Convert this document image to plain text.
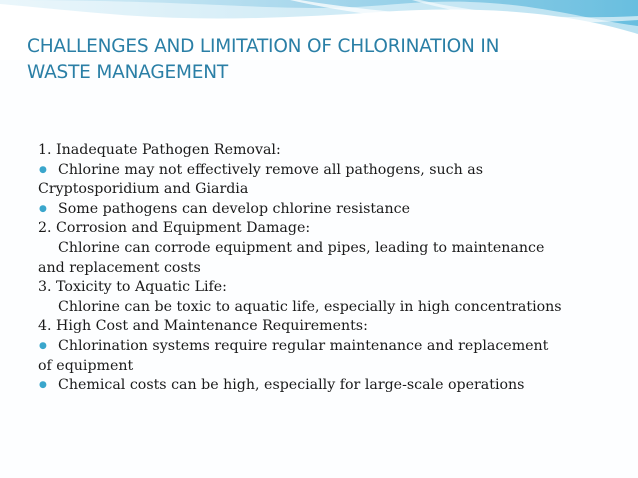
CHALLENGES AND LIMITATION OF CHLORINATION IN
WASTE MANAGEMENT
1. Inadequate Pathogen Removal:
● Chlorine may not effectively remove all pathogens, such as
Cryptosporidium and Giardia
● Some pathogens can develop chlorine resistance
2. Corrosion and Equipment Damage:
Chlorine can corrode equipment and pipes, leading to maintenance
and replacement costs
3. Toxicity to Aquatic Life:
Chlorine can be toxic to aquatic life, especially in high concentrations
4. High Cost and Maintenance Requirements:
● Chlorination systems require regular maintenance and replacement
of equipment
● Chemical costs can be high, especially for large-scale operations
